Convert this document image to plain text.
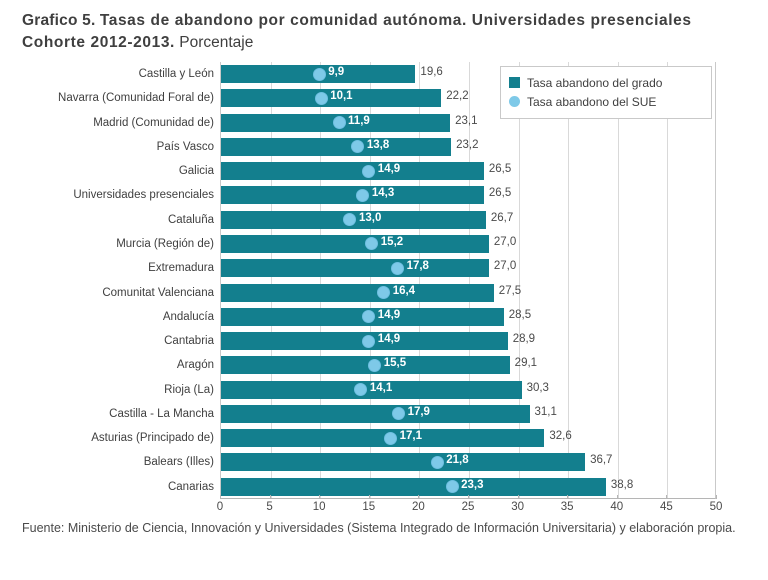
Grafico 5. Tasas de abandono por comunidad autónoma. Universidades presenciales Cohorte 2012-2013. Porcentaje
Castilla y León
Navarra (Comunidad Foral de)
Madrid (Comunidad de)
País Vasco
Galicia
Universidades presenciales
Cataluña
Murcia (Región de)
Extremadura
Comunitat Valenciana
Andalucía
Cantabria
Aragón
Rioja (La)
Castilla - La Mancha
Asturias (Principado de)
Balears (Illes)
Canarias
19,6
9,9
22,2
10,1
23,1
11,9
23,2
13,8
26,5
14,9
26,5
14,3
26,7
13,0
27,0
15,2
27,0
17,8
27,5
16,4
28,5
14,9
28,9
14,9
29,1
15,5
30,3
14,1
31,1
17,9
32,6
17,1
36,7
21,8
38,8
23,3
0	5	10	15	20	25	30	35	40	45	50
Tasa abandono del grado
Tasa abandono del SUE
Fuente: Ministerio de Ciencia, Innovación y Universidades (Sistema Integrado de Información Universitaria) y elaboración propia.
